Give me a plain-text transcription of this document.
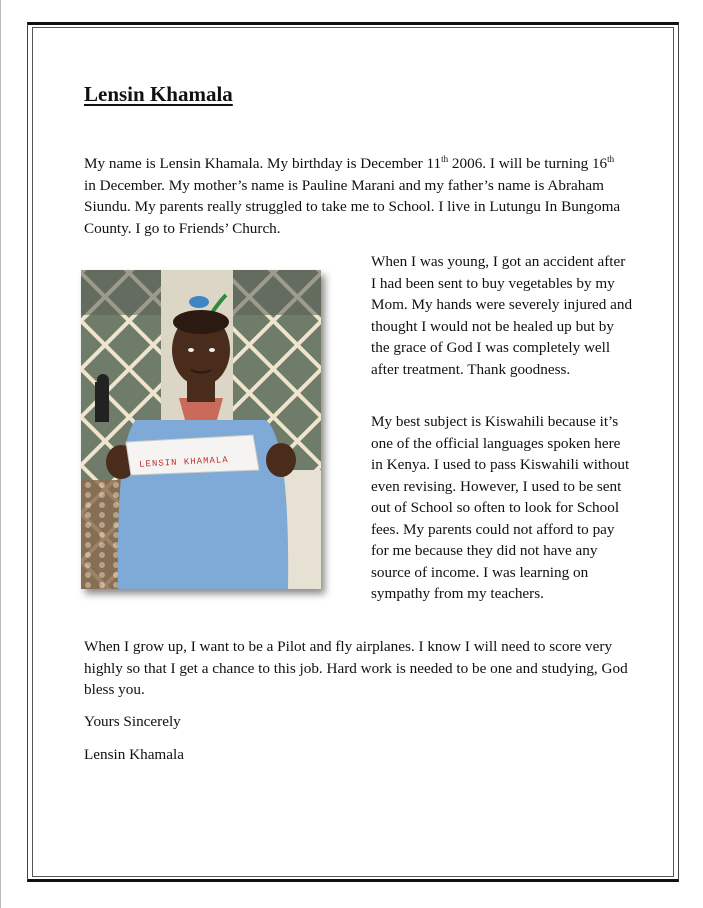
Lensin Khamala

My name is Lensin Khamala. My birthday is December 11th 2006. I will be turning 16th in December. My mother’s name is Pauline Marani and my father’s name is Abraham Siundu. My parents really struggled to take me to School. I live in Lutungu In Bungoma County. I go to Friends’ Church.

LENSIN KHAMALA

When I was young, I got an accident after I had been sent to buy vegetables by my Mom. My hands were severely injured and thought I would not be healed up but by the grace of God I was completely well after treatment. Thank goodness.

My best subject is Kiswahili because it’s one of the official languages spoken here in Kenya. I used to pass Kiswahili without even revising. However, I used to be sent out of School so often to look for School fees. My parents could not afford to pay for me because they did not have any source of income. I was learning on sympathy from my teachers.

When I grow up, I want to be a Pilot and fly airplanes. I know I will need to score very highly so that I get a chance to this job. Hard work is needed to be one and studying, God bless you.

Yours Sincerely

Lensin Khamala
